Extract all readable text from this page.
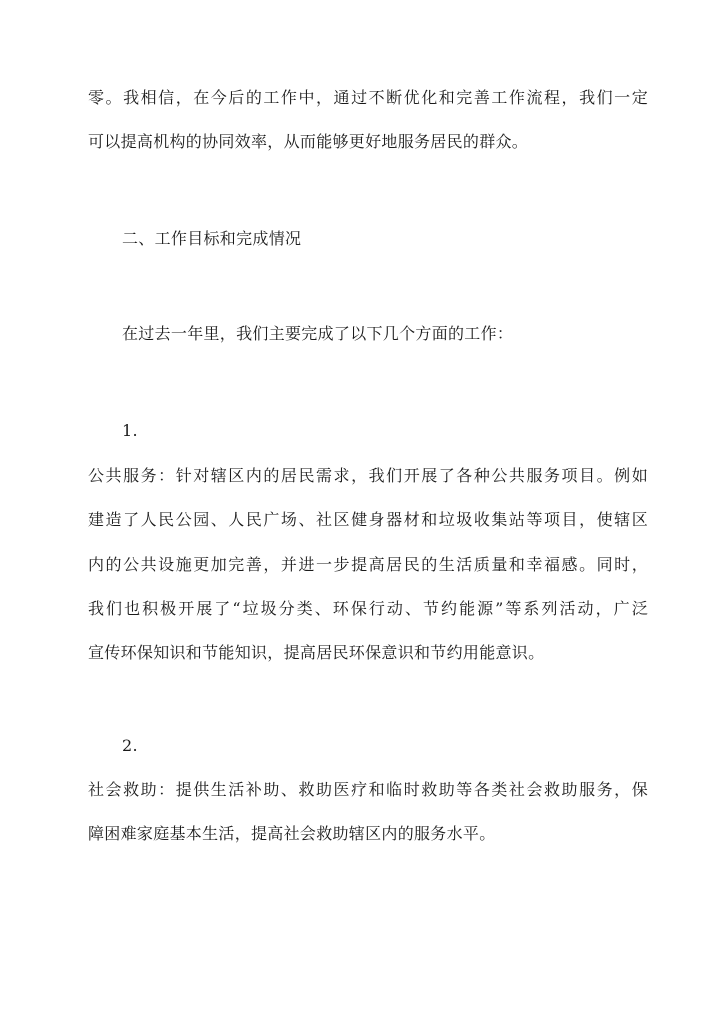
零。我相信，在今后的工作中，通过不断优化和完善工作流程，我们一定
可以提高机构的协同效率，从而能够更好地服务居民的群众。
二、工作目标和完成情况
在过去一年里，我们主要完成了以下几个方面的工作：
1.
公共服务：针对辖区内的居民需求，我们开展了各种公共服务项目。例如
建造了人民公园、人民广场、社区健身器材和垃圾收集站等项目，使辖区
内的公共设施更加完善，并进一步提高居民的生活质量和幸福感。同时，
我们也积极开展了“垃圾分类、环保行动、节约能源”等系列活动，广泛
宣传环保知识和节能知识，提高居民环保意识和节约用能意识。
2.
社会救助：提供生活补助、救助医疗和临时救助等各类社会救助服务，保
障困难家庭基本生活，提高社会救助辖区内的服务水平。
